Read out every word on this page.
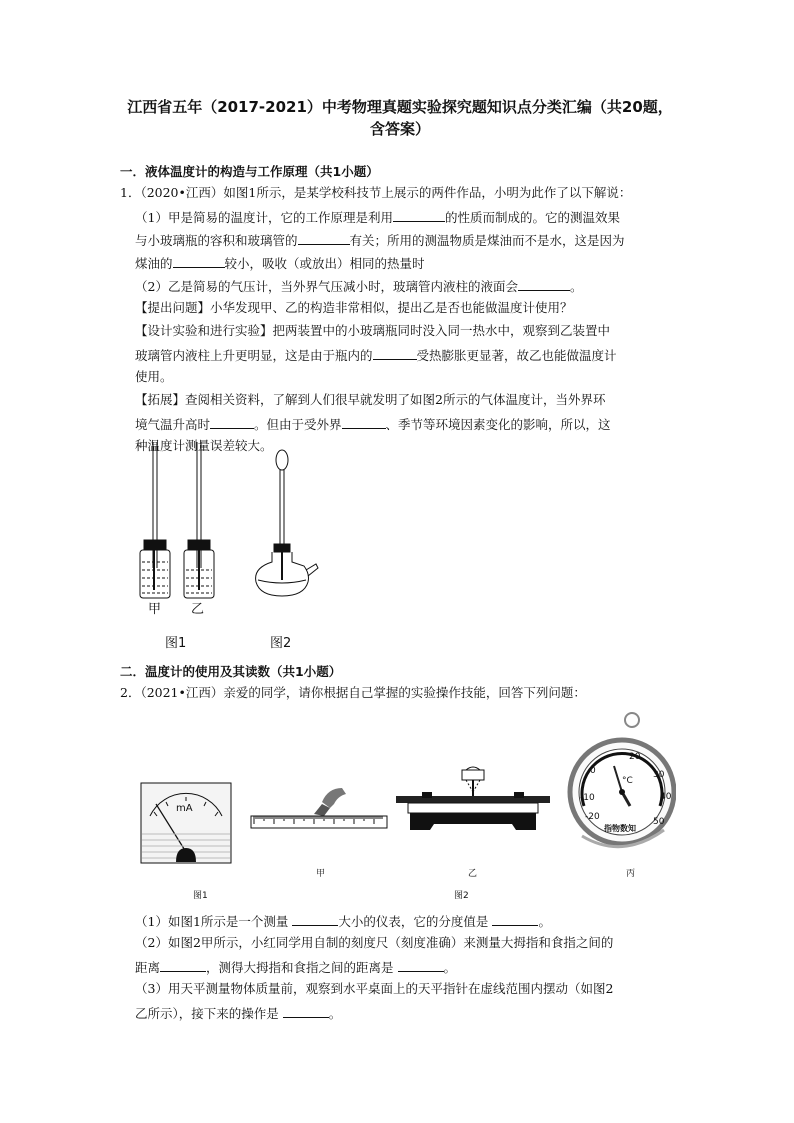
江西省五年（2017-2021）中考物理真题实验探究题知识点分类汇编（共20题，
含答案）
一．液体温度计的构造与工作原理（共1小题）
1．（2020•江西）如图1所示，是某学校科技节上展示的两件作品，小明为此作了以下解说：
（1）甲是简易的温度计，它的工作原理是利用	的性质而制成的。它的测温效果
与小玻璃瓶的容积和玻璃管的	有关；所用的测温物质是煤油而不是水，这是因为
煤油的	较小，吸收（或放出）相同的热量时
（2）乙是简易的气压计，当外界气压减小时，玻璃管内液柱的液面会	。
【提出问题】小华发现甲、乙的构造非常相似，提出乙是否也能做温度计使用？
【设计实验和进行实验】把两装置中的小玻璃瓶同时没入同一热水中，观察到乙装置中
玻璃管内液柱上升更明显，这是由于瓶内的	受热膨胀更显著，故乙也能做温度计
使用。
【拓展】查阅相关资料，了解到人们很早就发明了如图2所示的气体温度计，当外界环
境气温升高时	。但由于受外界	、季节等环境因素变化的影响，所以，这
种温度计测量误差较大。
甲 乙
图1	图2
二．温度计的使用及其读数（共1小题）
2．（2021•江西）亲爱的同学，请你根据自己掌握的实验操作技能，回答下列问题：
mA
°C
指物数知
-20
0
20
30
40
50
-10
图1
甲	乙
图2
丙
（1）如图1所示是一个测量	大小的仪表，它的分度值是	。
（2）如图2甲所示，小红同学用自制的刻度尺（刻度准确）来测量大拇指和食指之间的
距离	，测得大拇指和食指之间的距离是	。
（3）用天平测量物体质量前，观察到水平桌面上的天平指针在虚线范围内摆动（如图2
乙所示），接下来的操作是	。
